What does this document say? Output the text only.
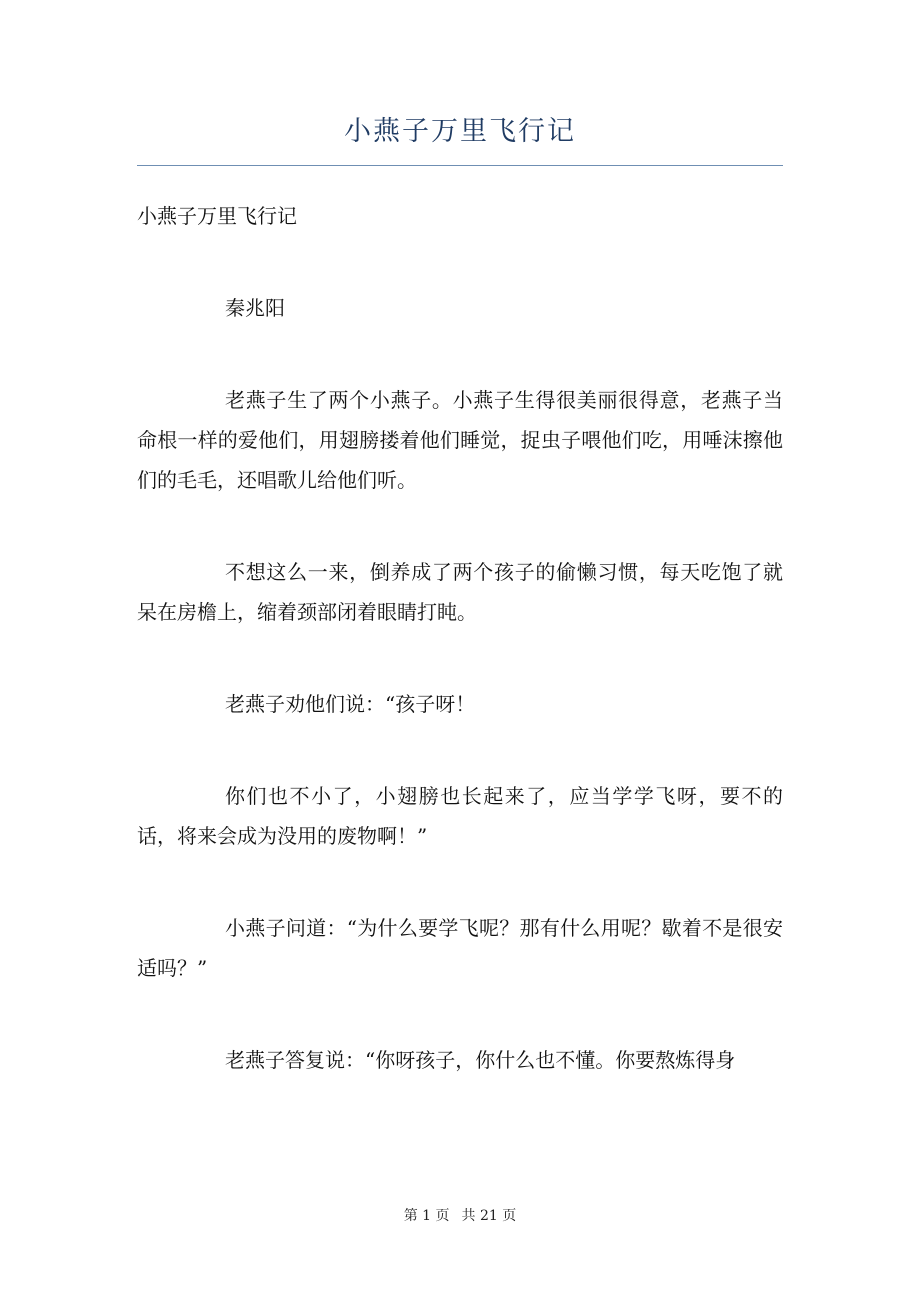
小燕子万里飞行记

小燕子万里飞行记

秦兆阳

老燕子生了两个小燕子。小燕子生得很美丽很得意，老燕子当命根一样的爱他们，用翅膀搂着他们睡觉，捉虫子喂他们吃，用唾沫擦他们的毛毛，还唱歌儿给他们听。

不想这么一来，倒养成了两个孩子的偷懒习惯，每天吃饱了就呆在房檐上，缩着颈部闭着眼睛打盹。

老燕子劝他们说：“孩子呀！

你们也不小了，小翅膀也长起来了，应当学学飞呀，要不的话，将来会成为没用的废物啊！”

小燕子问道：“为什么要学飞呢？那有什么用呢？歇着不是很安适吗？”

老燕子答复说：“你呀孩子，你什么也不懂。你要熬炼得身

第 1 页 共 21 页
